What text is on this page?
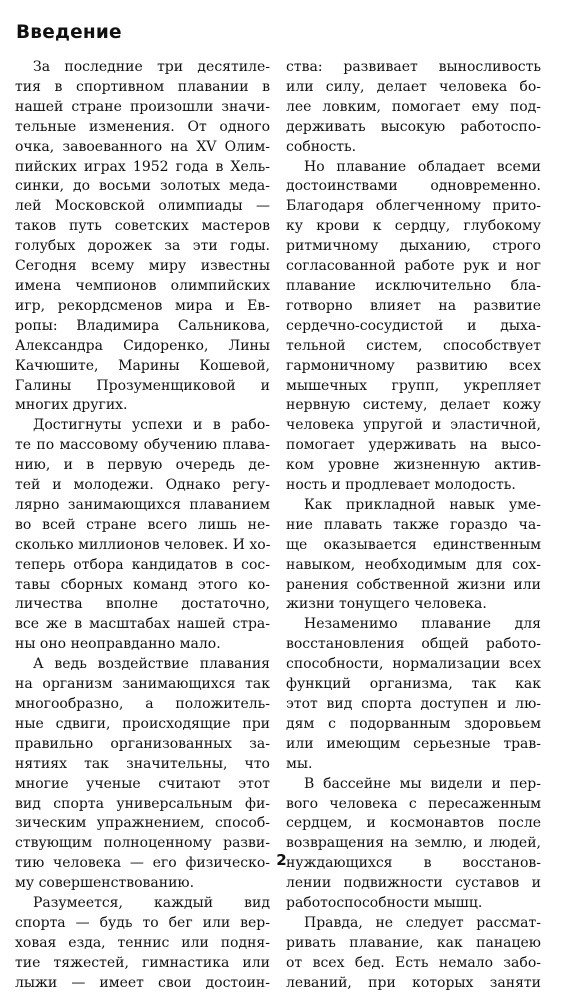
Введение

За последние три десятиле-
тия в спортивном плавании в
нашей стране произошли значи-
тельные изменения. От одного
очка, завоеванного на XV Олим-
пийских играх 1952 года в Хель-
синки, до восьми золотых меда-
лей Московской олимпиады —
таков путь советских мастеров
голубых дорожек за эти годы.
Сегодня всему миру известны
имена чемпионов олимпийских
игр, рекордсменов мира и Ев-
ропы: Владимира Сальникова,
Александра Сидоренко, Лины
Качюшите, Марины Кошевой,
Галины Прозуменщиковой и
многих других.

Достигнуты успехи и в рабо-
те по массовому обучению плава-
нию, и в первую очередь де-
тей и молодежи. Однако регу-
лярно занимающихся плаванием
во всей стране всего лишь не-
сколько миллионов человек. И хо-
теперь отбора кандидатов в сос-
тавы сборных команд этого ко-
личества вполне достаточно,
все же в масштабах нашей стра-
ны оно неоправданно мало.

А ведь воздействие плавания
на организм занимающихся так
многообразно, а положитель-
ные сдвиги, происходящие при
правильно организованных за-
нятиях так значительны, что
многие ученые считают этот
вид спорта универсальным фи-
зическим упражнением, способ-
ствующим полноценному разви-
тию человека — его физическо-
му совершенствованию.

Разумеется, каждый вид
спорта — будь то бег или вер-
ховая езда, теннис или подня-
тие тяжестей, гимнастика или
лыжи — имеет свои достоин-

ства: развивает выносливость
или силу, делает человека бо-
лее ловким, помогает ему под-
держивать высокую работоспо-
собность.

Но плавание обладает всеми
достоинствами одновременно.
Благодаря облегченному прито-
ку крови к сердцу, глубокому
ритмичному дыханию, строго
согласованной работе рук и ног
плавание исключительно бла-
готворно влияет на развитие
сердечно-сосудистой и дыха-
тельной систем, способствует
гармоничному развитию всех
мышечных групп, укрепляет
нервную систему, делает кожу
человека упругой и эластичной,
помогает удерживать на высо-
ком уровне жизненную актив-
ность и продлевает молодость.

Как прикладной навык уме-
ние плавать также гораздо ча-
ще оказывается единственным
навыком, необходимым для сох-
ранения собственной жизни или
жизни тонущего человека.

Незаменимо плавание для
восстановления общей работо-
способности, нормализации всех
функций организма, так как
этот вид спорта доступен и лю-
дям с подорванным здоровьем
или имеющим серьезные трав-
мы.

В бассейне мы видели и пер-
вого человека с пересаженным
сердцем, и космонавтов после
возвращения на землю, и людей,
нуждающихся в восстанов-
лении подвижности суставов и
работоспособности мышц.

Правда, не следует рассмат-
ривать плавание, как панацею
от всех бед. Есть немало забо-
леваний, при которых заняти

2
